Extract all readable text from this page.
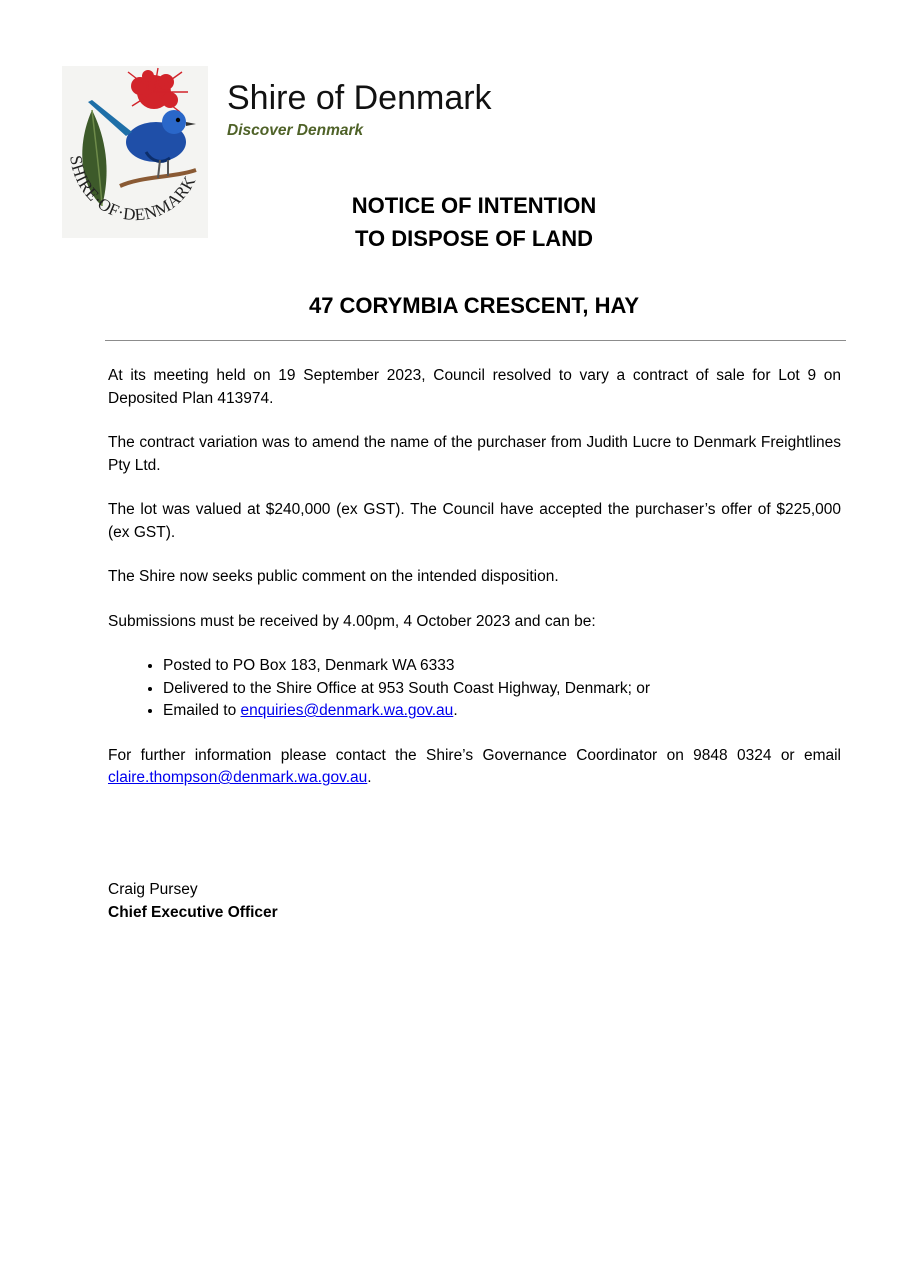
SHIRE·OF·DENMARK
Shire of Denmark
Discover Denmark
NOTICE OF INTENTION
TO DISPOSE OF LAND
47 CORYMBIA CRESCENT, HAY

At its meeting held on 19 September 2023, Council resolved to vary a contract of sale for Lot 9 on Deposited Plan 413974.

The contract variation was to amend the name of the purchaser from Judith Lucre to Denmark Freightlines Pty Ltd.

The lot was valued at $240,000 (ex GST). The Council have accepted the purchaser’s offer of $225,000 (ex GST).

The Shire now seeks public comment on the intended disposition.

Submissions must be received by 4.00pm, 4 October 2023 and can be:

• Posted to PO Box 183, Denmark WA 6333
• Delivered to the Shire Office at 953 South Coast Highway, Denmark; or
• Emailed to enquiries@denmark.wa.gov.au.

For further information please contact the Shire’s Governance Coordinator on 9848 0324 or email claire.thompson@denmark.wa.gov.au.

Craig Pursey
Chief Executive Officer
